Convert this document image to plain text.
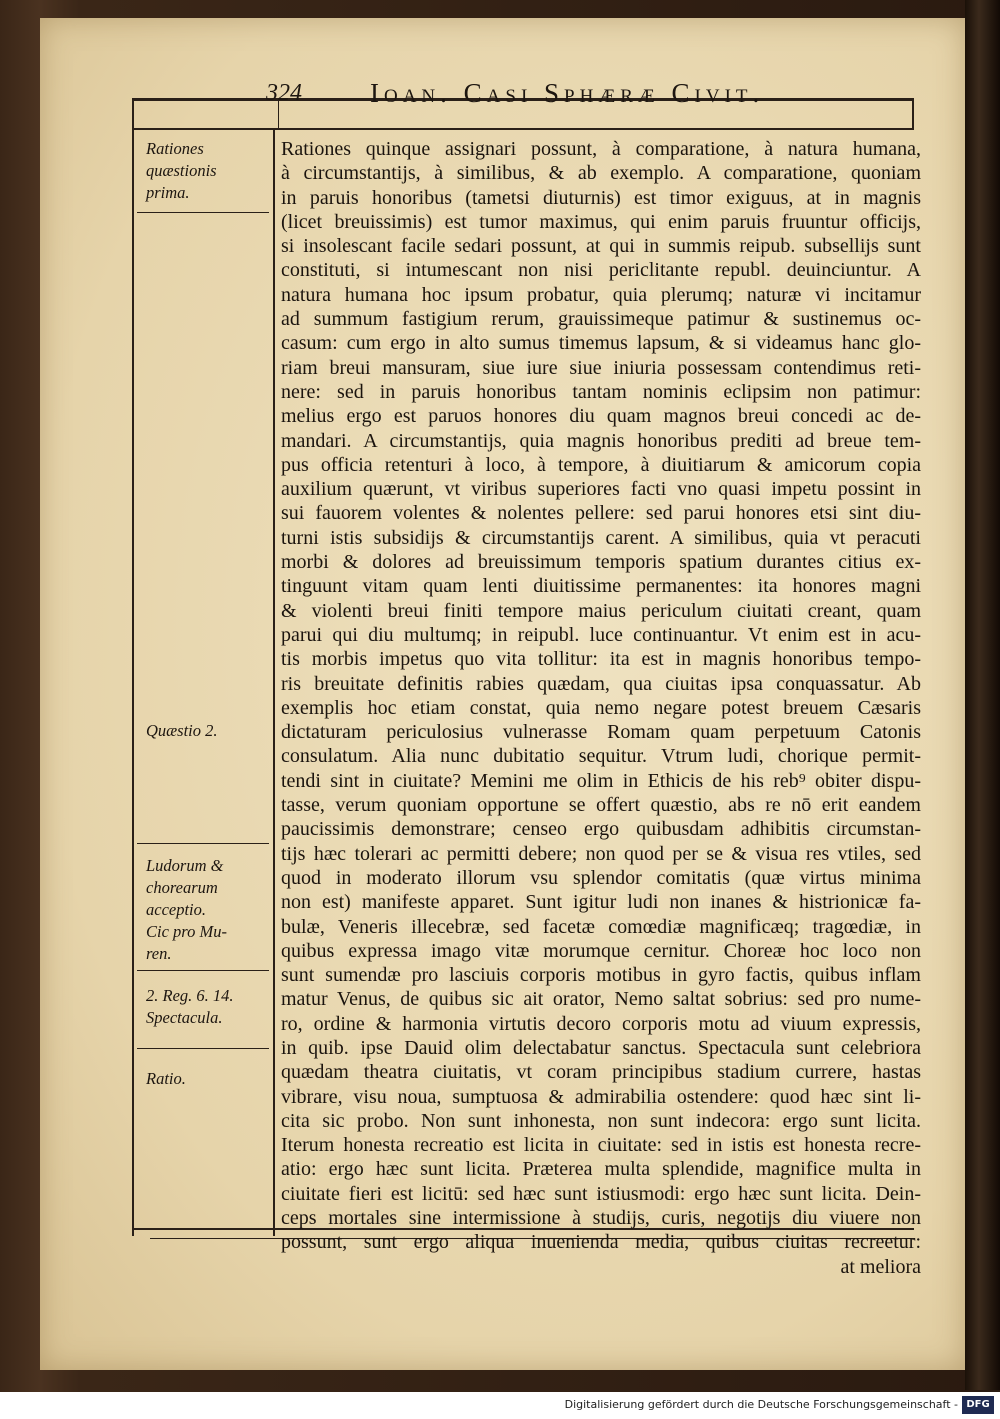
324	Ioan. Casi Sphæræ Civit.
Rationes
quæstionis
prima.
Quæstio 2.
Ludorum &
chorearum
acceptio.
Cic pro Mu-
ren.
2. Reg. 6. 14.
Spectacula.
Ratio.
Rationes quinque assignari possunt, à comparatione, à natura humana,
à circumstantijs, à similibus, & ab exemplo. A comparatione, quoniam
in paruis honoribus (tametsi diuturnis) est timor exiguus, at in magnis
(licet breuissimis) est tumor maximus, qui enim paruis fruuntur officijs,
si insolescant facile sedari possunt, at qui in summis reipub. subsellijs sunt
constituti, si intumescant non nisi periclitante republ. deuinciuntur. A
natura humana hoc ipsum probatur, quia plerumq; naturæ vi incitamur
ad summum fastigium rerum, grauissimeque patimur & sustinemus oc-
casum: cum ergo in alto sumus timemus lapsum, & si videamus hanc glo-
riam breui mansuram, siue iure siue iniuria possessam contendimus reti-
nere: sed in paruis honoribus tantam nominis eclipsim non patimur:
melius ergo est paruos honores diu quam magnos breui concedi ac de-
mandari. A circumstantijs, quia magnis honoribus prediti ad breue tem-
pus officia retenturi à loco, à tempore, à diuitiarum & amicorum copia
auxilium quærunt, vt viribus superiores facti vno quasi impetu possint in
sui fauorem volentes & nolentes pellere: sed parui honores etsi sint diu-
turni istis subsidijs & circumstantijs carent. A similibus, quia vt peracuti
morbi & dolores ad breuissimum temporis spatium durantes citius ex-
tinguunt vitam quam lenti diuitissime permanentes: ita honores magni
& violenti breui finiti tempore maius periculum ciuitati creant, quam
parui qui diu multumq; in reipubl. luce continuantur. Vt enim est in acu-
tis morbis impetus quo vita tollitur: ita est in magnis honoribus tempo-
ris breuitate definitis rabies quædam, qua ciuitas ipsa conquassatur. Ab
exemplis hoc etiam constat, quia nemo negare potest breuem Cæsaris
dictaturam periculosius vulnerasse Romam quam perpetuum Catonis
consulatum. Alia nunc dubitatio sequitur. Vtrum ludi, chorique permit-
tendi sint in ciuitate? Memini me olim in Ethicis de his reb⁹ obiter dispu-
tasse, verum quoniam opportune se offert quæstio, abs re nō erit eandem
paucissimis demonstrare; censeo ergo quibusdam adhibitis circumstan-
tijs hæc tolerari ac permitti debere; non quod per se & visua res vtiles, sed
quod in moderato illorum vsu splendor comitatis (quæ virtus minima
non est) manifeste apparet. Sunt igitur ludi non inanes & histrionicæ fa-
bulæ, Veneris illecebræ, sed facetæ comœdiæ magnificæq; tragœdiæ, in
quibus expressa imago vitæ morumque cernitur. Choreæ hoc loco non
sunt sumendæ pro lasciuis corporis motibus in gyro factis, quibus inflam
matur Venus, de quibus sic ait orator, Nemo saltat sobrius: sed pro nume-
ro, ordine & harmonia virtutis decoro corporis motu ad viuum expressis,
in quib. ipse Dauid olim delectabatur sanctus. Spectacula sunt celebriora
quædam theatra ciuitatis, vt coram principibus stadium currere, hastas
vibrare, visu noua, sumptuosa & admirabilia ostendere: quod hæc sint li-
cita sic probo. Non sunt inhonesta, non sunt indecora: ergo sunt licita.
Iterum honesta recreatio est licita in ciuitate: sed in istis est honesta recre-
atio: ergo hæc sunt licita. Præterea multa splendide, magnifice multa in
ciuitate fieri est licitū: sed hæc sunt istiusmodi: ergo hæc sunt licita. Dein-
ceps mortales sine intermissione à studijs, curis, negotijs diu viuere non
possunt, sunt ergo aliqua inuenienda media, quibus ciuitas recreetur:
at meliora
Digitalisierung gefördert durch die Deutsche Forschungsgemeinschaft - DFG
